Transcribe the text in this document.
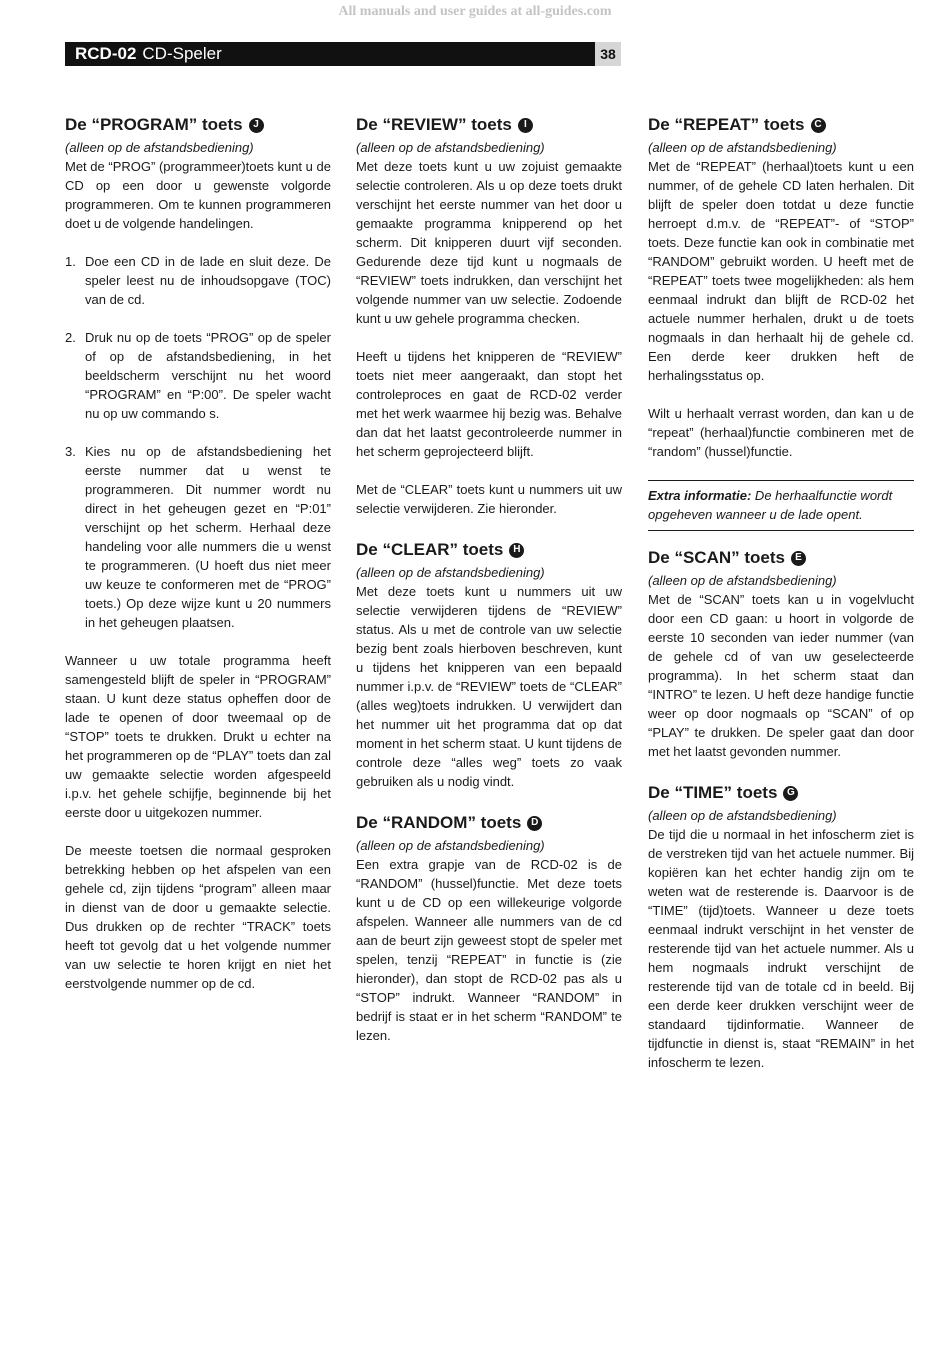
All manuals and user guides at all-guides.com
RCD-02 CD-Speler	38
De “PROGRAM” toets	J
(alleen op de afstandsbediening)

Met de “PROG” (programmeer)toets kunt u de CD op een door u gewenste volgorde programmeren. Om te kunnen programmeren doet u de volgende handelingen.

1. Doe een CD in de lade en sluit deze. De speler leest nu de inhoudsopgave (TOC) van de cd.
2. Druk nu op de toets “PROG” op de speler of op de afstandsbediening, in het beeldscherm verschijnt nu het woord “PROGRAM” en “P:00”. De speler wacht nu op uw commando s.
3. Kies nu op de afstandsbediening het eerste nummer dat u wenst te programmeren. Dit nummer wordt nu direct in het geheugen gezet en “P:01” verschijnt op het scherm. Herhaal deze handeling voor alle nummers die u wenst te programmeren. (U hoeft dus niet meer uw keuze te conformeren met de “PROG” toets.) Op deze wijze kunt u 20 nummers in het geheugen plaatsen.

Wanneer u uw totale programma heeft samengesteld blijft de speler in “PROGRAM” staan. U kunt deze status opheffen door de lade te openen of door tweemaal op de “STOP” toets te drukken. Drukt u echter na het programmeren op de “PLAY” toets dan zal uw gemaakte selectie worden afgespeeld i.p.v. het gehele schijfje, beginnende bij het eerste door u uitgekozen nummer.

De meeste toetsen die normaal gesproken betrekking hebben op het afspelen van een gehele cd, zijn tijdens “program” alleen maar in dienst van de door u gemaakte selectie. Dus drukken op de rechter “TRACK” toets heeft tot gevolg dat u het volgende nummer van uw selectie te horen krijgt en niet het eerstvolgende nummer op de cd.

De “REVIEW” toets	I
(alleen op de afstandsbediening)

Met deze toets kunt u uw zojuist gemaakte selectie controleren. Als u op deze toets drukt verschijnt het eerste nummer van het door u gemaakte programma knipperend op het scherm. Dit knipperen duurt vijf seconden. Gedurende deze tijd kunt u nogmaals de “REVIEW” toets indrukken, dan verschijnt het volgende nummer van uw selectie. Zodoende kunt u uw gehele programma checken.

Heeft u tijdens het knipperen de “REVIEW” toets niet meer aangeraakt, dan stopt het controleproces en gaat de RCD-02 verder met het werk waarmee hij bezig was. Behalve dan dat het laatst gecontroleerde nummer in het scherm geprojecteerd blijft.

Met de “CLEAR” toets kunt u nummers uit uw selectie verwijderen. Zie hieronder.

De “CLEAR” toets H
(alleen op de afstandsbediening)

Met deze toets kunt u nummers uit uw selectie verwijderen tijdens de “REVIEW” status. Als u met de controle van uw selectie bezig bent zoals hierboven beschreven, kunt u tijdens het knipperen van een bepaald nummer i.p.v. de “REVIEW” toets de “CLEAR” (alles weg)toets indrukken. U verwijdert dan het nummer uit het programma dat op dat moment in het scherm staat. U kunt tijdens de controle deze “alles weg” toets zo vaak gebruiken als u nodig vindt.

De “RANDOM” toets D
(alleen op de afstandsbediening)

Een extra grapje van de RCD-02 is de “RANDOM” (hussel)functie. Met deze toets kunt u de CD op een willekeurige volgorde afspelen. Wanneer alle nummers van de cd aan de beurt zijn geweest stopt de speler met spelen, tenzij “REPEAT” in functie is (zie hieronder), dan stopt de RCD-02 pas als u “STOP” indrukt. Wanneer “RANDOM” in bedrijf is staat er in het scherm “RANDOM” te lezen.

De “REPEAT” toets C
(alleen op de afstandsbediening)

Met de “REPEAT” (herhaal)toets kunt u een nummer, of de gehele CD laten herhalen. Dit blijft de speler doen totdat u deze functie herroept d.m.v. de “REPEAT”- of “STOP” toets. Deze functie kan ook in combinatie met “RANDOM” gebruikt worden. U heeft met de “REPEAT” toets twee mogelijkheden: als hem eenmaal indrukt dan blijft de RCD-02 het actuele nummer herhalen, drukt u de toets nogmaals in dan herhaalt hij de gehele cd. Een derde keer drukken heft de herhalingsstatus op.

Wilt u herhaalt verrast worden, dan kan u de “repeat” (herhaal)functie combineren met de “random” (hussel)functie.

Extra informatie: De herhaalfunctie wordt opgeheven wanneer u de lade opent.
De “SCAN” toets	E
(alleen op de afstandsbediening)

Met de “SCAN” toets kan u in vogelvlucht door een CD gaan: u hoort in volgorde de eerste 10 seconden van ieder nummer (van de gehele cd of van uw geselecteerde programma). In het scherm staat dan “INTRO” te lezen. U heft deze handige functie weer op door nogmaals op “SCAN” of op “PLAY” te drukken. De speler gaat dan door met het laatst gevonden nummer.

De “TIME” toets G
(alleen op de afstandsbediening)

De tijd die u normaal in het infoscherm ziet is de verstreken tijd van het actuele nummer. Bij kopiëren kan het echter handig zijn om te weten wat de resterende is. Daarvoor is de “TIME” (tijd)toets. Wanneer u deze toets eenmaal indrukt verschijnt in het venster de resterende tijd van het actuele nummer. Als u hem nogmaals indrukt verschijnt de resterende tijd van de totale cd in beeld. Bij een derde keer drukken verschijnt weer de standaard tijdinformatie. Wanneer de tijdfunctie in dienst is, staat “REMAIN” in het infoscherm te lezen.
